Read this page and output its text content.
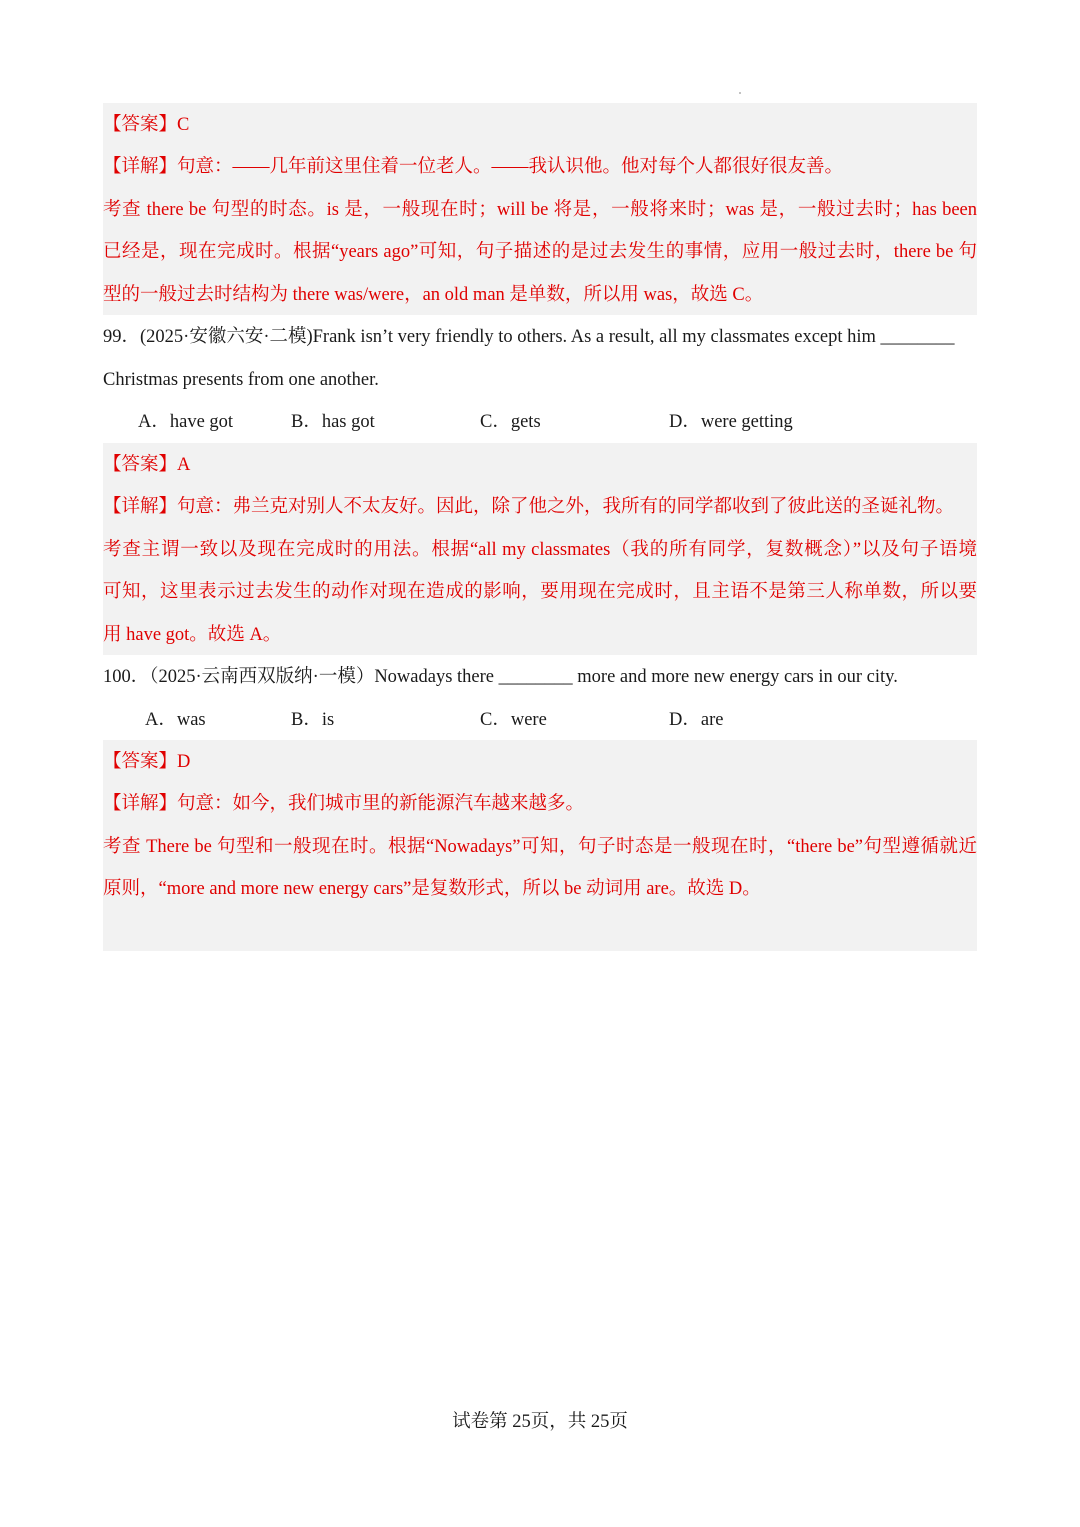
【答案】C
【详解】句意：——几年前这里住着一位老人。——我认识他。他对每个人都很好很友善。
考查 there be 句型的时态。is 是，一般现在时；will be 将是，一般将来时；was 是，一般过去时；has been
已经是，现在完成时。根据“years ago”可知，句子描述的是过去发生的事情，应用一般过去时，there be 句
型的一般过去时结构为 there was/were，an old man 是单数，所以用 was，故选 C。
99．(2025·安徽六安·二模)Frank isn’t very friendly to others. As a result, all my classmates except him ________
Christmas presents from one another.
A．have got	B．has got	C．gets	D．were getting
【答案】A
【详解】句意：弗兰克对别人不太友好。因此，除了他之外，我所有的同学都收到了彼此送的圣诞礼物。
考查主谓一致以及现在完成时的用法。根据“all my classmates（我的所有同学，复数概念）”以及句子语境
可知，这里表示过去发生的动作对现在造成的影响，要用现在完成时，且主语不是第三人称单数，所以要
用 have got。故选 A。
100．（2025·云南西双版纳·一模）Nowadays there ________ more and more new energy cars in our city.
A．was	B．is	C．were	D．are
【答案】D
【详解】句意：如今，我们城市里的新能源汽车越来越多。
考查 There be 句型和一般现在时。根据“Nowadays”可知，句子时态是一般现在时，“there be”句型遵循就近
原则，“more and more new energy cars”是复数形式，所以 be 动词用 are。故选 D。
试卷第 25页，共 25页
